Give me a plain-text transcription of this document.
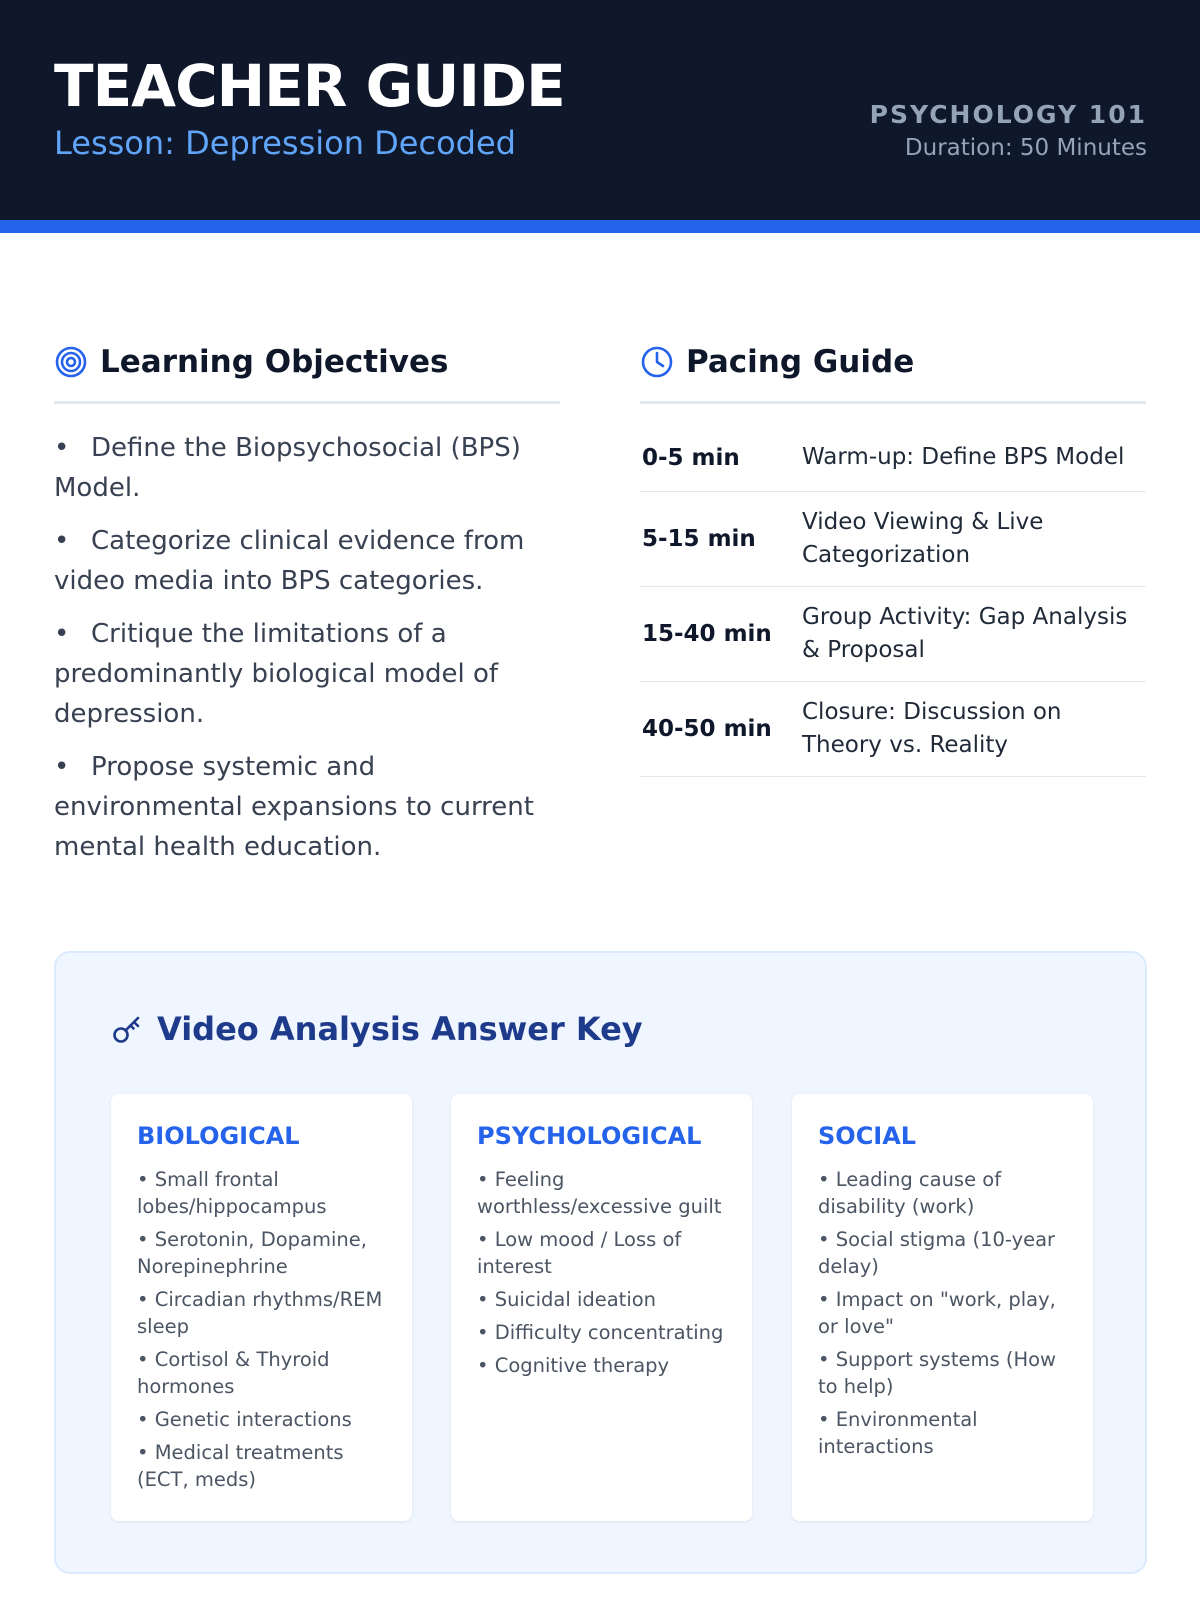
TEACHER GUIDE
Lesson: Depression Decoded
PSYCHOLOGY 101
Duration: 50 Minutes
Learning Objectives
• Define the Biopsychosocial (BPS) Model.
• Categorize clinical evidence from video media into BPS categories.
• Critique the limitations of a predominantly biological model of depression.
• Propose systemic and environmental expansions to current mental health education.
Pacing Guide
0-5 min	Warm-up: Define BPS Model
5-15 min
Video Viewing & Live Categorization
15-40 min
Group Activity: Gap Analysis & Proposal
40-50 min
Closure: Discussion on Theory vs. Reality
Video Analysis Answer Key
BIOLOGICAL
• Small frontal lobes/hippocampus
• Serotonin, Dopamine, Norepinephrine
• Circadian rhythms/REM sleep
• Cortisol & Thyroid hormones
• Genetic interactions
• Medical treatments (ECT, meds)
PSYCHOLOGICAL
• Feeling worthless/excessive guilt
• Low mood / Loss of interest
• Suicidal ideation
• Difficulty concentrating
• Cognitive therapy
SOCIAL
• Leading cause of disability (work)
• Social stigma (10-year delay)
• Impact on "work, play, or love"
• Support systems (How to help)
• Environmental interactions
